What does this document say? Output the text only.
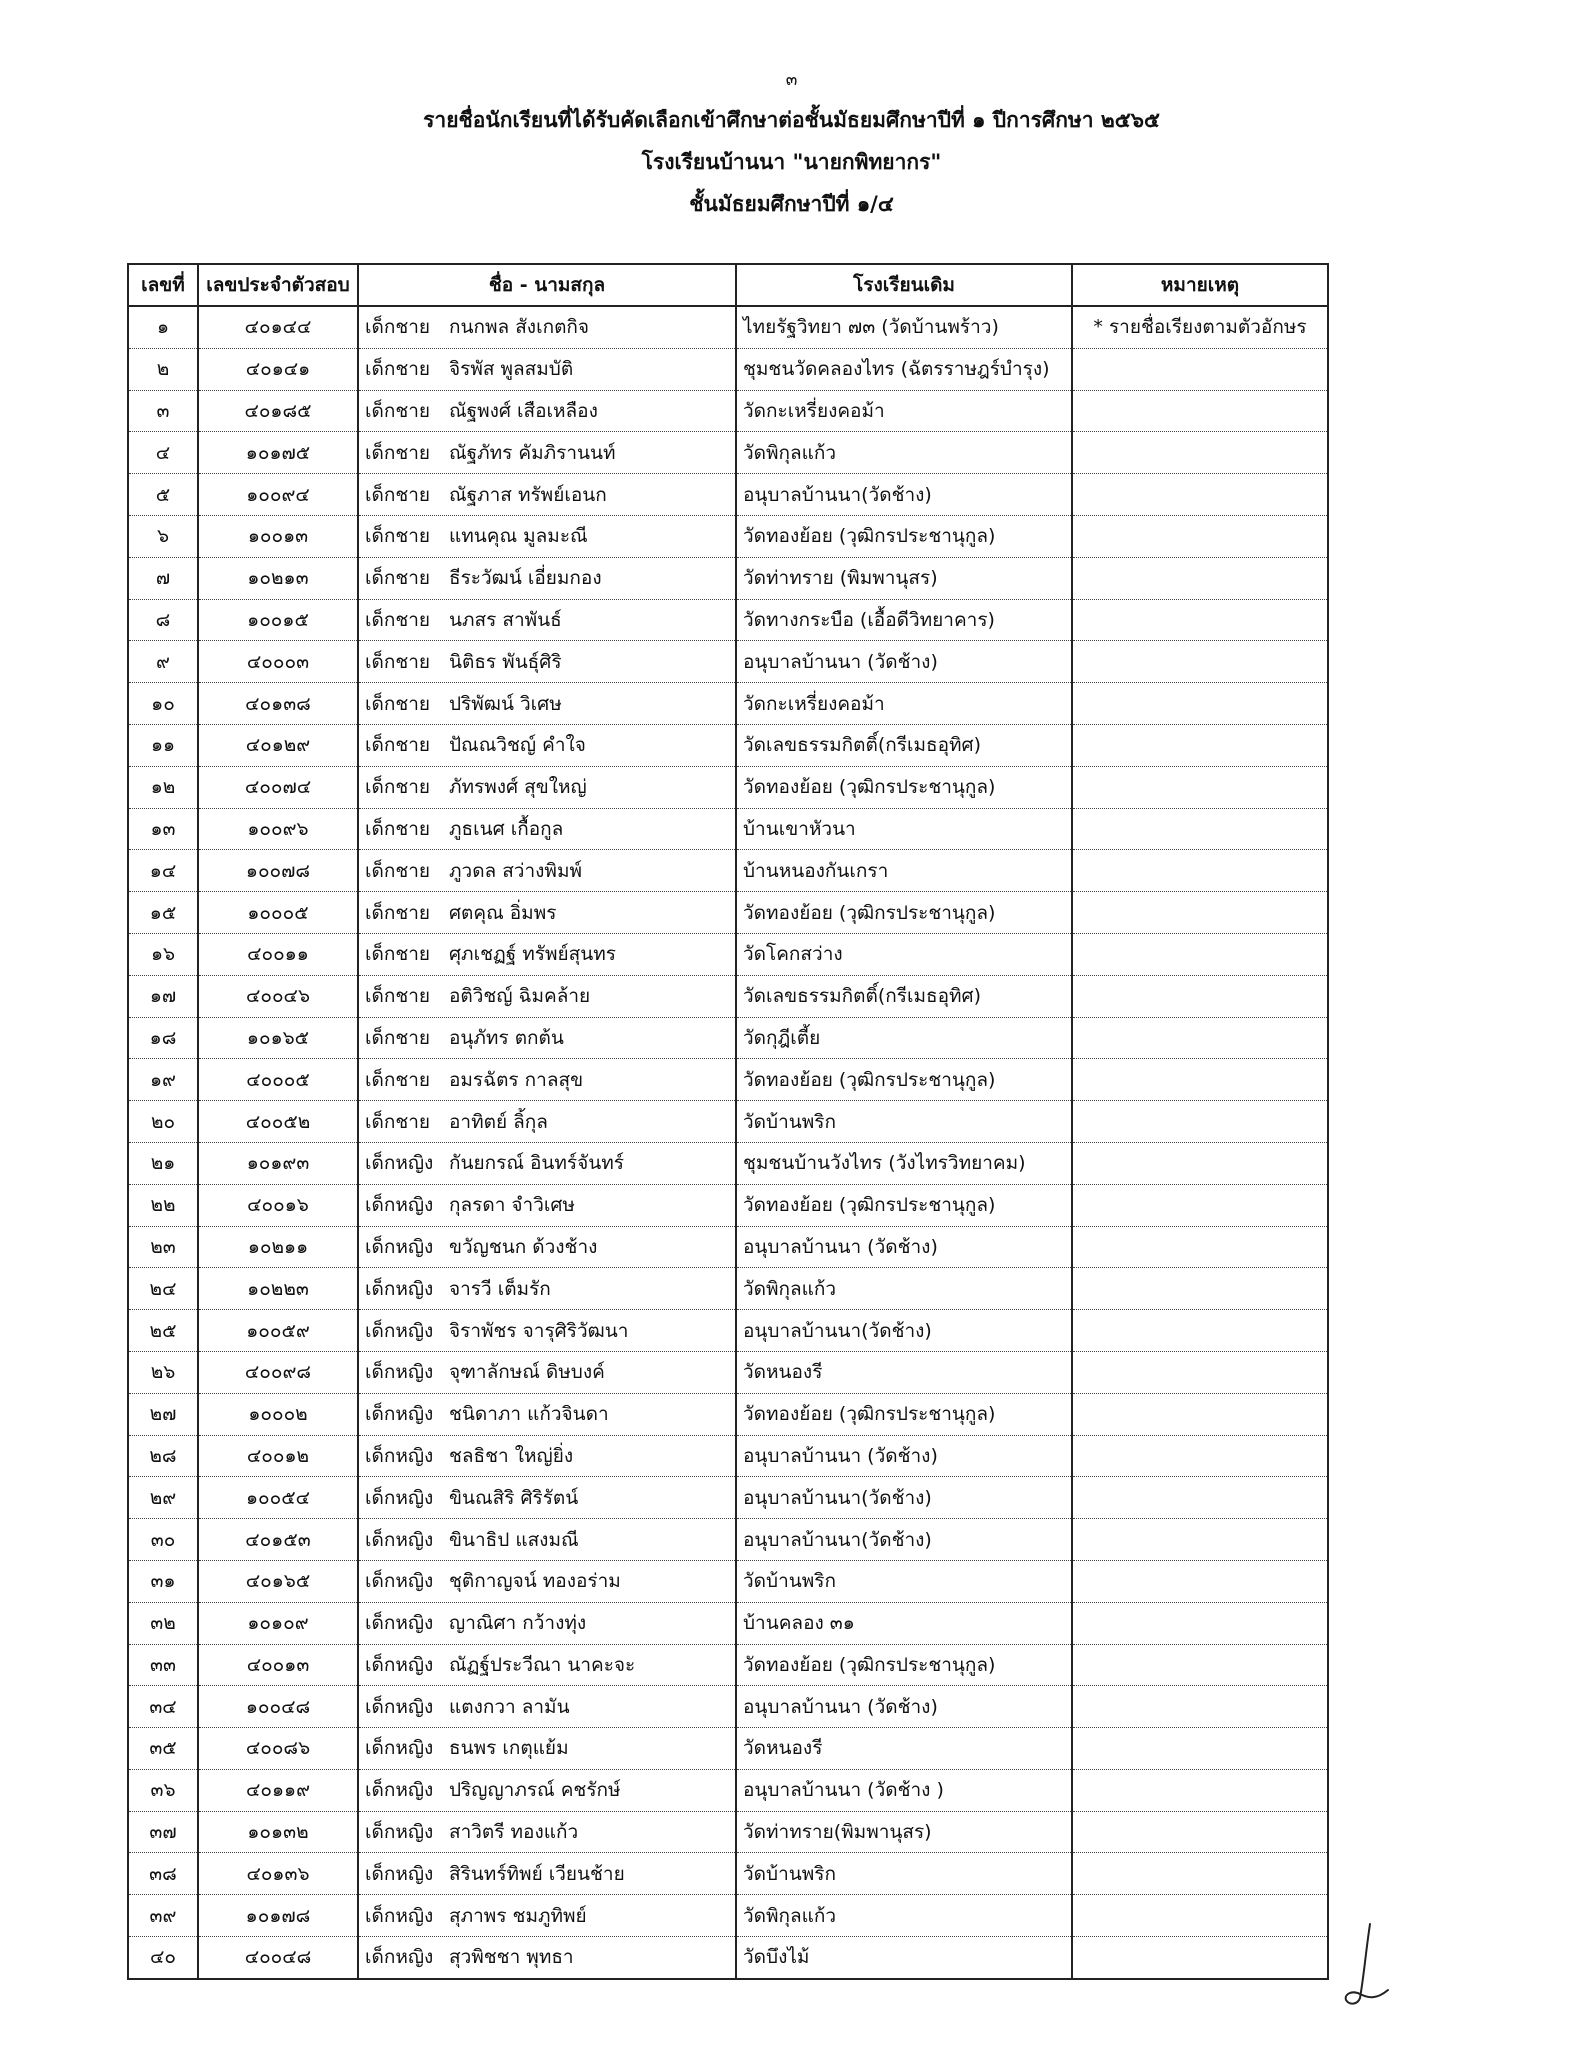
๓
รายชื่อนักเรียนที่ได้รับคัดเลือกเข้าศึกษาต่อชั้นมัธยมศึกษาปีที่ ๑ ปีการศึกษา ๒๕๖๕
โรงเรียนบ้านนา "นายกพิทยากร"
ชั้นมัธยมศึกษาปีที่ ๑/๔
เลขที่	เลขประจำตัวสอบ	ชื่อ - นามสกุล	โรงเรียนเดิม	หมายเหตุ
๑	๔๐๑๔๔	เด็กชาย กนกพล สังเกตกิจ	ไทยรัฐวิทยา ๗๓ (วัดบ้านพร้าว)	* รายชื่อเรียงตามตัวอักษร
๒	๔๐๑๔๑	เด็กชาย จิรพัส พูลสมบัติ	ชุมชนวัดคลองไทร (ฉัตรราษฎร์บำรุง)	
๓	๔๐๑๘๕	เด็กชาย ณัฐพงศ์ เสือเหลือง	วัดกะเหรี่ยงคอม้า	
๔	๑๐๑๗๕	เด็กชาย ณัฐภัทร คัมภิรานนท์	วัดพิกุลแก้ว	
๕	๑๐๐๙๔	เด็กชาย ณัฐภาส ทรัพย์เอนก	อนุบาลบ้านนา(วัดช้าง)	
๖	๑๐๐๑๓	เด็กชาย แทนคุณ มูลมะณี	วัดทองย้อย (วุฒิกรประชานุกูล)	
๗	๑๐๒๑๓	เด็กชาย ธีระวัฒน์ เอี่ยมกอง	วัดท่าทราย (พิมพานุสร)	
๘	๑๐๐๑๕	เด็กชาย นภสร สาพันธ์	วัดทางกระบือ (เอื้อดีวิทยาคาร)	
๙	๔๐๐๐๓	เด็กชาย นิติธร พันธุ์ศิริ	อนุบาลบ้านนา (วัดช้าง)	
๑๐	๔๐๑๓๘	เด็กชาย ปริพัฒน์ วิเศษ	วัดกะเหรี่ยงคอม้า	
๑๑	๔๐๑๒๙	เด็กชาย ปัณณวิชญ์ คำใจ	วัดเลขธรรมกิตติ์(กรีเมธอุทิศ)	
๑๒	๔๐๐๗๔	เด็กชาย ภัทรพงศ์ สุขใหญ่	วัดทองย้อย (วุฒิกรประชานุกูล)	
๑๓	๑๐๐๙๖	เด็กชาย ภูธเนศ เกื้อกูล	บ้านเขาหัวนา	
๑๔	๑๐๐๗๘	เด็กชาย ภูวดล สว่างพิมพ์	บ้านหนองกันเกรา	
๑๕	๑๐๐๐๕	เด็กชาย ศตคุณ อิ่มพร	วัดทองย้อย (วุฒิกรประชานุกูล)	
๑๖	๔๐๐๑๑	เด็กชาย ศุภเชฏฐ์ ทรัพย์สุนทร	วัดโคกสว่าง	
๑๗	๔๐๐๔๖	เด็กชาย อติวิชญ์ ฉิมคล้าย	วัดเลขธรรมกิตติ์(กรีเมธอุทิศ)	
๑๘	๑๐๑๖๕	เด็กชาย อนุภัทร ตกต้น	วัดกุฎีเตี้ย	
๑๙	๔๐๐๐๕	เด็กชาย อมรฉัตร กาลสุข	วัดทองย้อย (วุฒิกรประชานุกูล)	
๒๐	๔๐๐๕๒	เด็กชาย อาทิตย์ ลิ้กุล	วัดบ้านพริก	
๒๑	๑๐๑๙๓	เด็กหญิง กันยกรณ์ อินทร์จันทร์	ชุมชนบ้านวังไทร (วังไทรวิทยาคม)	
๒๒	๔๐๐๑๖	เด็กหญิง กุลรดา จำวิเศษ	วัดทองย้อย (วุฒิกรประชานุกูล)	
๒๓	๑๐๒๑๑	เด็กหญิง ขวัญชนก ด้วงช้าง	อนุบาลบ้านนา (วัดช้าง)	
๒๔	๑๐๒๒๓	เด็กหญิง จารวี เต็มรัก	วัดพิกุลแก้ว	
๒๕	๑๐๐๕๙	เด็กหญิง จิราพัชร จารุศิริวัฒนา	อนุบาลบ้านนา(วัดช้าง)	
๒๖	๔๐๐๙๘	เด็กหญิง จุฑาลักษณ์ ดิษบงค์	วัดหนองรี	
๒๗	๑๐๐๐๒	เด็กหญิง ชนิดาภา แก้วจินดา	วัดทองย้อย (วุฒิกรประชานุกูล)	
๒๘	๔๐๐๑๒	เด็กหญิง ชลธิชา ใหญ่ยิ่ง	อนุบาลบ้านนา (วัดช้าง)	
๒๙	๑๐๐๕๔	เด็กหญิง ขินณสิริ ศิริรัตน์	อนุบาลบ้านนา(วัดช้าง)	
๓๐	๔๐๑๕๓	เด็กหญิง ขินาธิป แสงมณี	อนุบาลบ้านนา(วัดช้าง)	
๓๑	๔๐๑๖๕	เด็กหญิง ชุติกาญจน์ ทองอร่าม	วัดบ้านพริก	
๓๒	๑๐๑๐๙	เด็กหญิง ญาณิศา กว้างทุ่ง	บ้านคลอง ๓๑	
๓๓	๔๐๐๑๓	เด็กหญิง ณัฏฐ์ประวีณา นาคะจะ	วัดทองย้อย (วุฒิกรประชานุกูล)	
๓๔	๑๐๐๔๘	เด็กหญิง แตงกวา ลามัน	อนุบาลบ้านนา (วัดช้าง)	
๓๕	๔๐๐๘๖	เด็กหญิง ธนพร เกตุแย้ม	วัดหนองรี	
๓๖	๔๐๑๑๙	เด็กหญิง ปริญญาภรณ์ คชรักษ์	อนุบาลบ้านนา (วัดช้าง )	
๓๗	๑๐๑๓๒	เด็กหญิง สาวิตรี ทองแก้ว	วัดท่าทราย(พิมพานุสร)	
๓๘	๔๐๑๓๖	เด็กหญิง สิรินทร์ทิพย์ เวียนช้าย	วัดบ้านพริก	
๓๙	๑๐๑๗๘	เด็กหญิง สุภาพร ชมภูทิพย์	วัดพิกุลแก้ว	
๔๐	๔๐๐๔๘	เด็กหญิง สุวพิชชา พุทธา	วัดบึงไม้	
